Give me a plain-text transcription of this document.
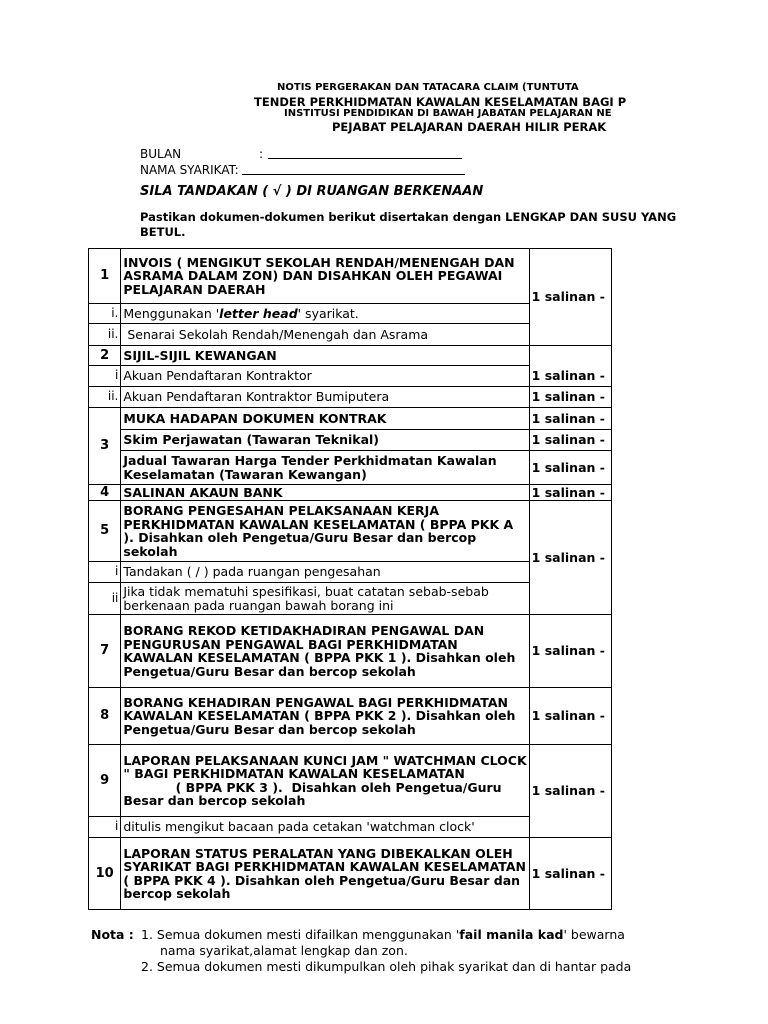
NOTIS PERGERAKAN DAN TATACARA CLAIM (TUNTUTA
TENDER PERKHIDMATAN KAWALAN KESELAMATAN BAGI P
INSTITUSI PENDIDIKAN DI BAWAH JABATAN PELAJARAN NE
PEJABAT PELAJARAN DAERAH HILIR PERAK
BULAN	:
NAMA SYARIKAT:
SILA TANDAKAN ( √ ) DI RUANGAN BERKENAAN
Pastikan dokumen-dokumen berikut disertakan dengan LENGKAP DAN SUSU YANG BETUL.
1	INVOIS ( MENGIKUT SEKOLAH RENDAH/MENENGAH DAN ASRAMA DALAM ZON) DAN DISAHKAN OLEH PEGAWAI PELAJARAN DAERAH	1 salinan -
i.	Menggunakan 'letter head' syarikat.	
ii.	Senarai Sekolah Rendah/Menengah dan Asrama	
2	SIJIL-SIJIL KEWANGAN	
i	Akuan Pendaftaran Kontraktor	1 salinan -
ii.	Akuan Pendaftaran Kontraktor Bumiputera	1 salinan -
3	MUKA HADAPAN DOKUMEN KONTRAK	1 salinan -
	Skim Perjawatan (Tawaran Teknikal)	1 salinan -
	Jadual Tawaran Harga Tender Perkhidmatan Kawalan Keselamatan (Tawaran Kewangan)	1 salinan -
4	SALINAN AKAUN BANK	1 salinan -
5	BORANG PENGESAHAN PELAKSANAAN KERJA PERKHIDMATAN KAWALAN KESELAMATAN ( BPPA PKK A ). Disahkan oleh Pengetua/Guru Besar dan bercop sekolah	1 salinan -
i	Tandakan ( / ) pada ruangan pengesahan	
ii	Jika tidak mematuhi spesifikasi, buat catatan sebab-sebab berkenaan pada ruangan bawah borang ini	
7	BORANG REKOD KETIDAKHADIRAN PENGAWAL DAN PENGURUSAN PENGAWAL BAGI PERKHIDMATAN KAWALAN KESELAMATAN ( BPPA PKK 1 ). Disahkan oleh Pengetua/Guru Besar dan bercop sekolah	1 salinan -
8	BORANG KEHADIRAN PENGAWAL BAGI PERKHIDMATAN KAWALAN KESELAMATAN ( BPPA PKK 2 ). Disahkan oleh Pengetua/Guru Besar dan bercop sekolah	1 salinan -
9	LAPORAN PELAKSANAAN KUNCI JAM " WATCHMAN CLOCK
" BAGI PERKHIDMATAN KAWALAN KESELAMATAN
( BPPA PKK 3 ).  Disahkan oleh Pengetua/Guru
Besar dan bercop sekolah	1 salinan -
i	ditulis mengikut bacaan pada cetakan 'watchman clock'	
10	LAPORAN STATUS PERALATAN YANG DIBEKALKAN OLEH SYARIKAT BAGI PERKHIDMATAN KAWALAN KESELAMATAN ( BPPA PKK 4 ). Disahkan oleh Pengetua/Guru Besar dan bercop sekolah	1 salinan -
Nota : 1. Semua dokumen mesti difailkan menggunakan 'fail manila kad' bewarna
nama syarikat,alamat lengkap dan zon.
2. Semua dokumen mesti dikumpulkan oleh pihak syarikat dan di hantar pada
